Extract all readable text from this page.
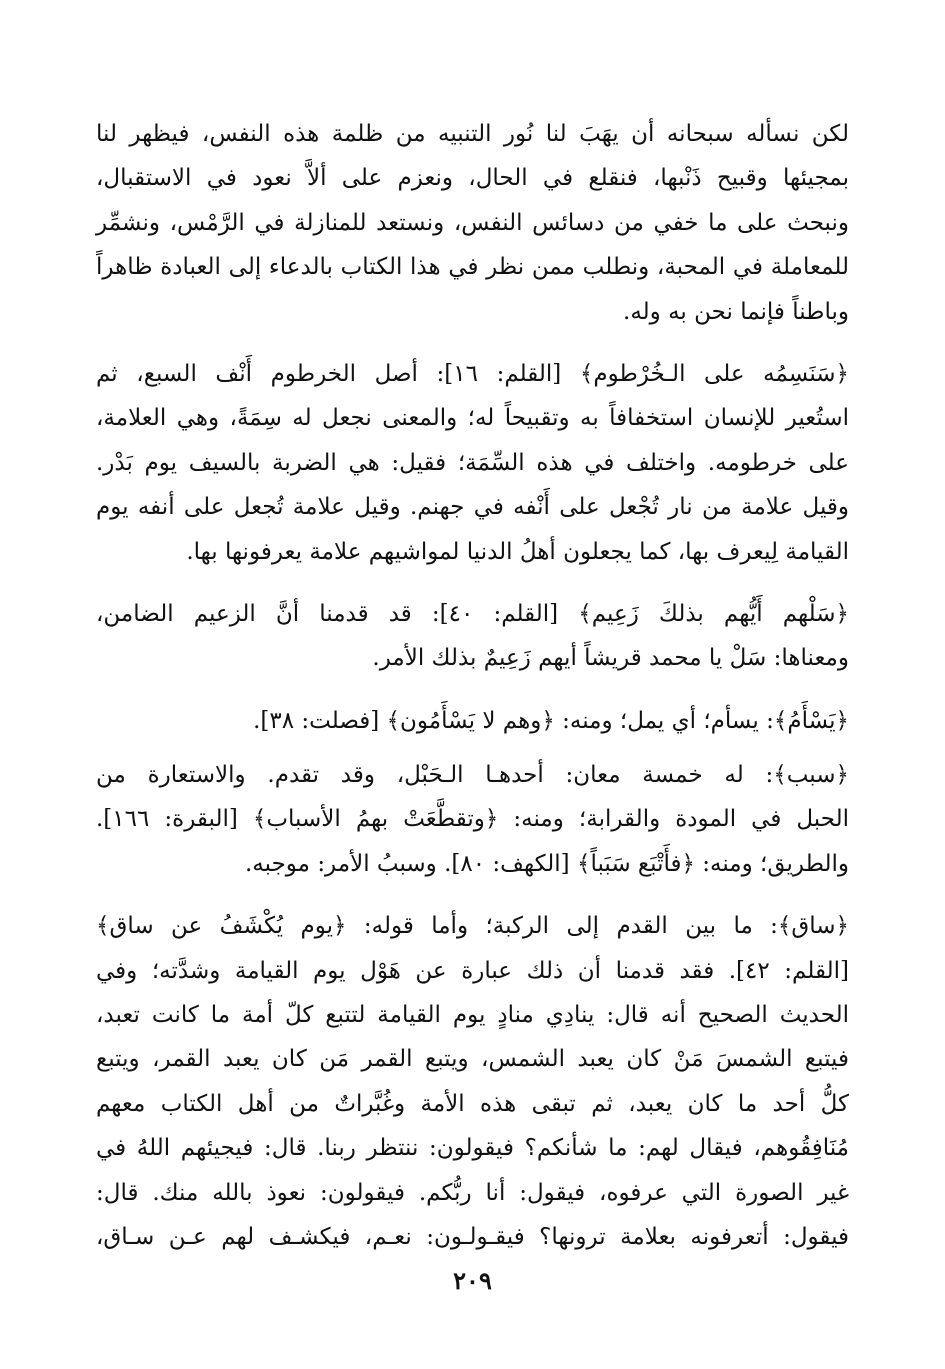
لكن نسأله سبحانه أن يهَبَ لنا نُور التنبيه من ظلمة هذه النفس، فيظهر لنا
بمجيئها وقبيح ذَنْبها، فنقلع في الحال، ونعزم على ألاَّ نعود في الاستقبال،
ونبحث على ما خفي من دسائس النفس، ونستعد للمنازلة في الرَّمْس، ونشمِّر
للمعاملة في المحبة، ونطلب ممن نظر في هذا الكتاب بالدعاء إلى العبادة ظاهراً
وباطناً فإنما نحن به وله.
﴿سَنَسِمُه على الـخُرْطوم﴾ [القلم: ١٦]: أصل الخرطوم أَنْف السبع، ثم
استُعير للإنسان استخفافاً به وتقبيحاً له؛ والمعنى نجعل له سِمَةً، وهي العلامة،
على خرطومه. واختلف في هذه السِّمَة؛ فقيل: هي الضربة بالسيف يوم بَدْر.
وقيل علامة من نار تُجْعل على أَنْفه في جهنم. وقيل علامة تُجعل على أنفه يوم
القيامة لِيعرف بها، كما يجعلون أهلُ الدنيا لمواشيهم علامة يعرفونها بها.
﴿سَلْهم أَيُّهم بذلكَ زَعِيم﴾ [القلم: ٤٠]: قد قدمنا أنَّ الزعيم الضامن،
ومعناها: سَلْ يا محمد قريشاً أيهم زَعِيمٌ بذلك الأمر.
﴿يَسْأَمُ﴾: يسأم؛ أي يمل؛ ومنه: ﴿وهم لا يَسْأَمُون﴾ [فصلت: ٣٨].
﴿سبب﴾: له خمسة معان: أحدهـا الـحَبْل، وقد تقدم. والاستعارة من
الحبل في المودة والقرابة؛ ومنه: ﴿وتقطَّعَتْ بهمُ الأسباب﴾ [البقرة: ١٦٦].
والطريق؛ ومنه: ﴿فأَتْبَع سَبَباً﴾ [الكهف: ٨٠]. وسببُ الأمر: موجبه.
﴿ساق﴾: ما بين القدم إلى الركبة؛ وأما قوله: ﴿يوم يُكْشَفُ عن ساق﴾
[القلم: ٤٢]. فقد قدمنا أن ذلك عبارة عن هَوْل يوم القيامة وشدَّته؛ وفي
الحديث الصحيح أنه قال: ينادِي منادٍ يوم القيامة لتتبع كلّ أمة ما كانت تعبد،
فيتبع الشمسَ مَنْ كان يعبد الشمس، ويتبع القمر مَن كان يعبد القمر، ويتبع
كلُّ أحد ما كان يعبد، ثم تبقى هذه الأمة وغُبَّراتٌ من أهل الكتاب معهم
مُنَافِقُوهم، فيقال لهم: ما شأنكم؟ فيقولون: ننتظر ربنا. قال: فيجيئهم اللهُ في
غير الصورة التي عرفوه، فيقول: أنا ربُّكم. فيقولون: نعوذ بالله منك. قال:
فيقول: أتعرفونه بعلامة ترونها؟ فيقـولـون: نعـم، فيكشـف لهم عـن سـاق،
٢٠٩
